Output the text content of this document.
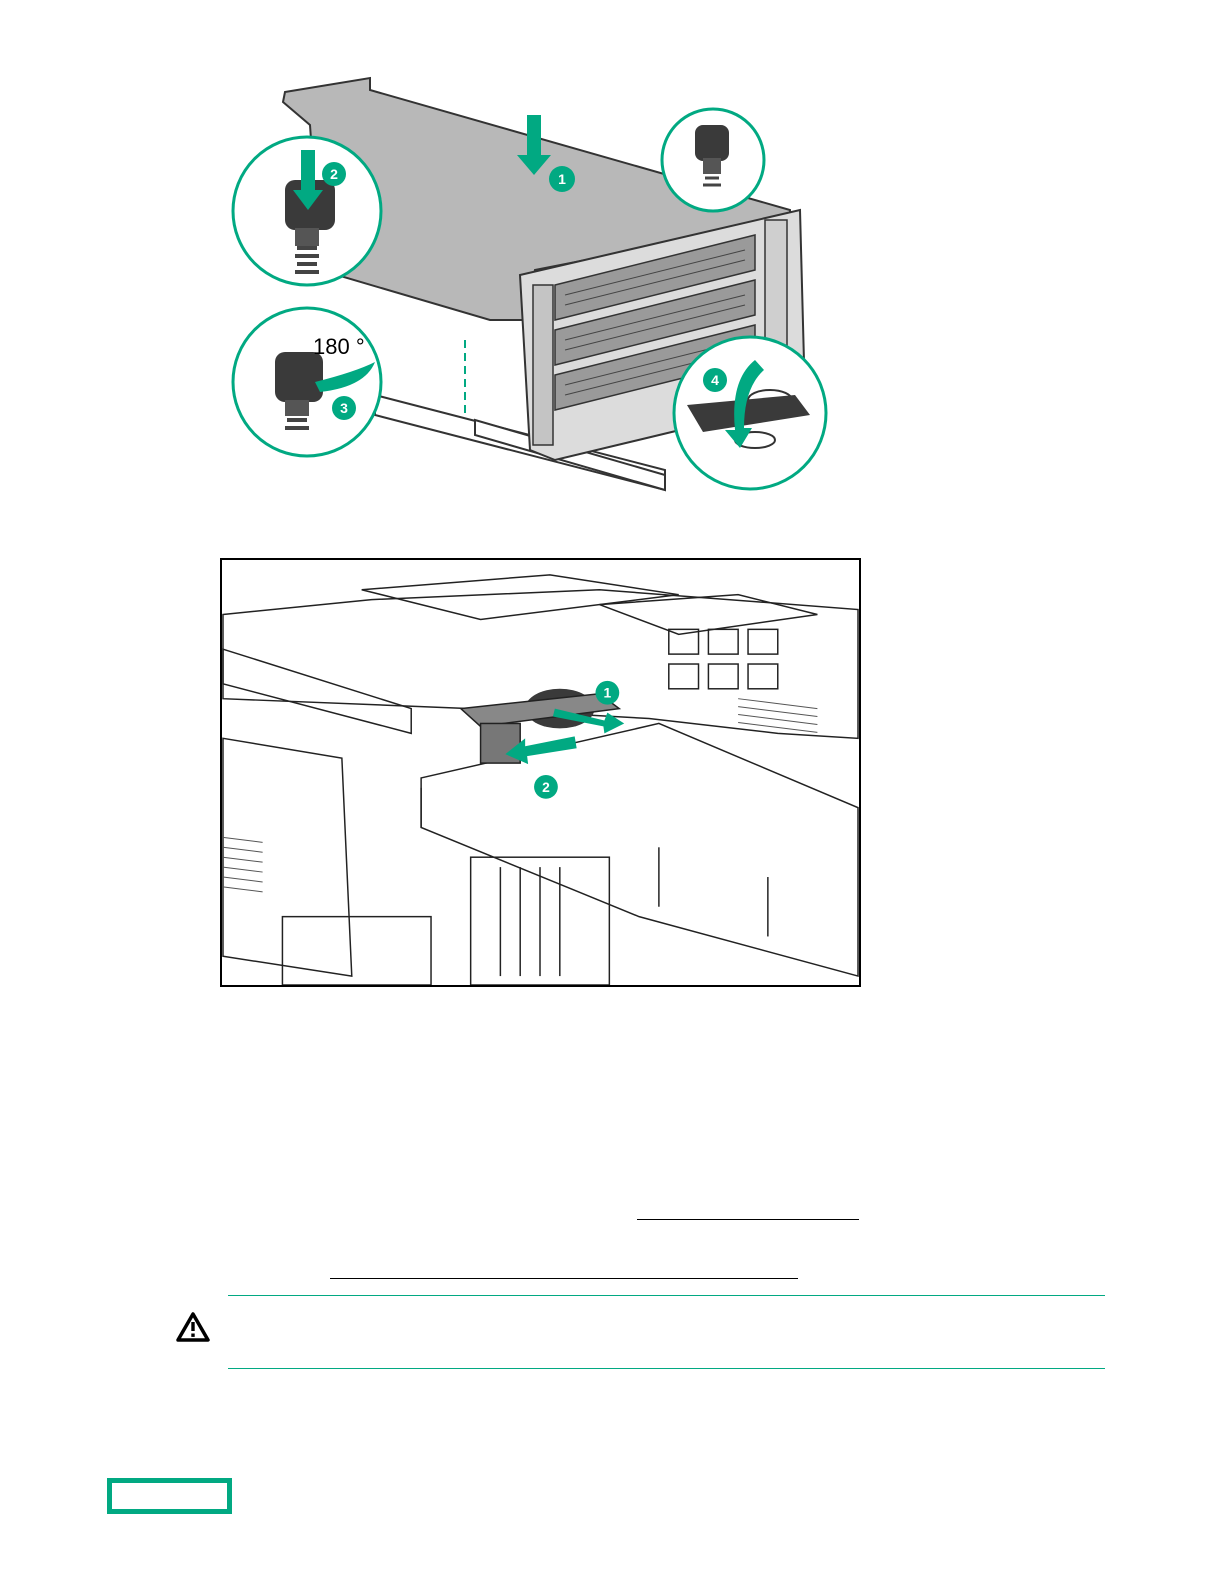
1
2
180 °
3
4
1
2
